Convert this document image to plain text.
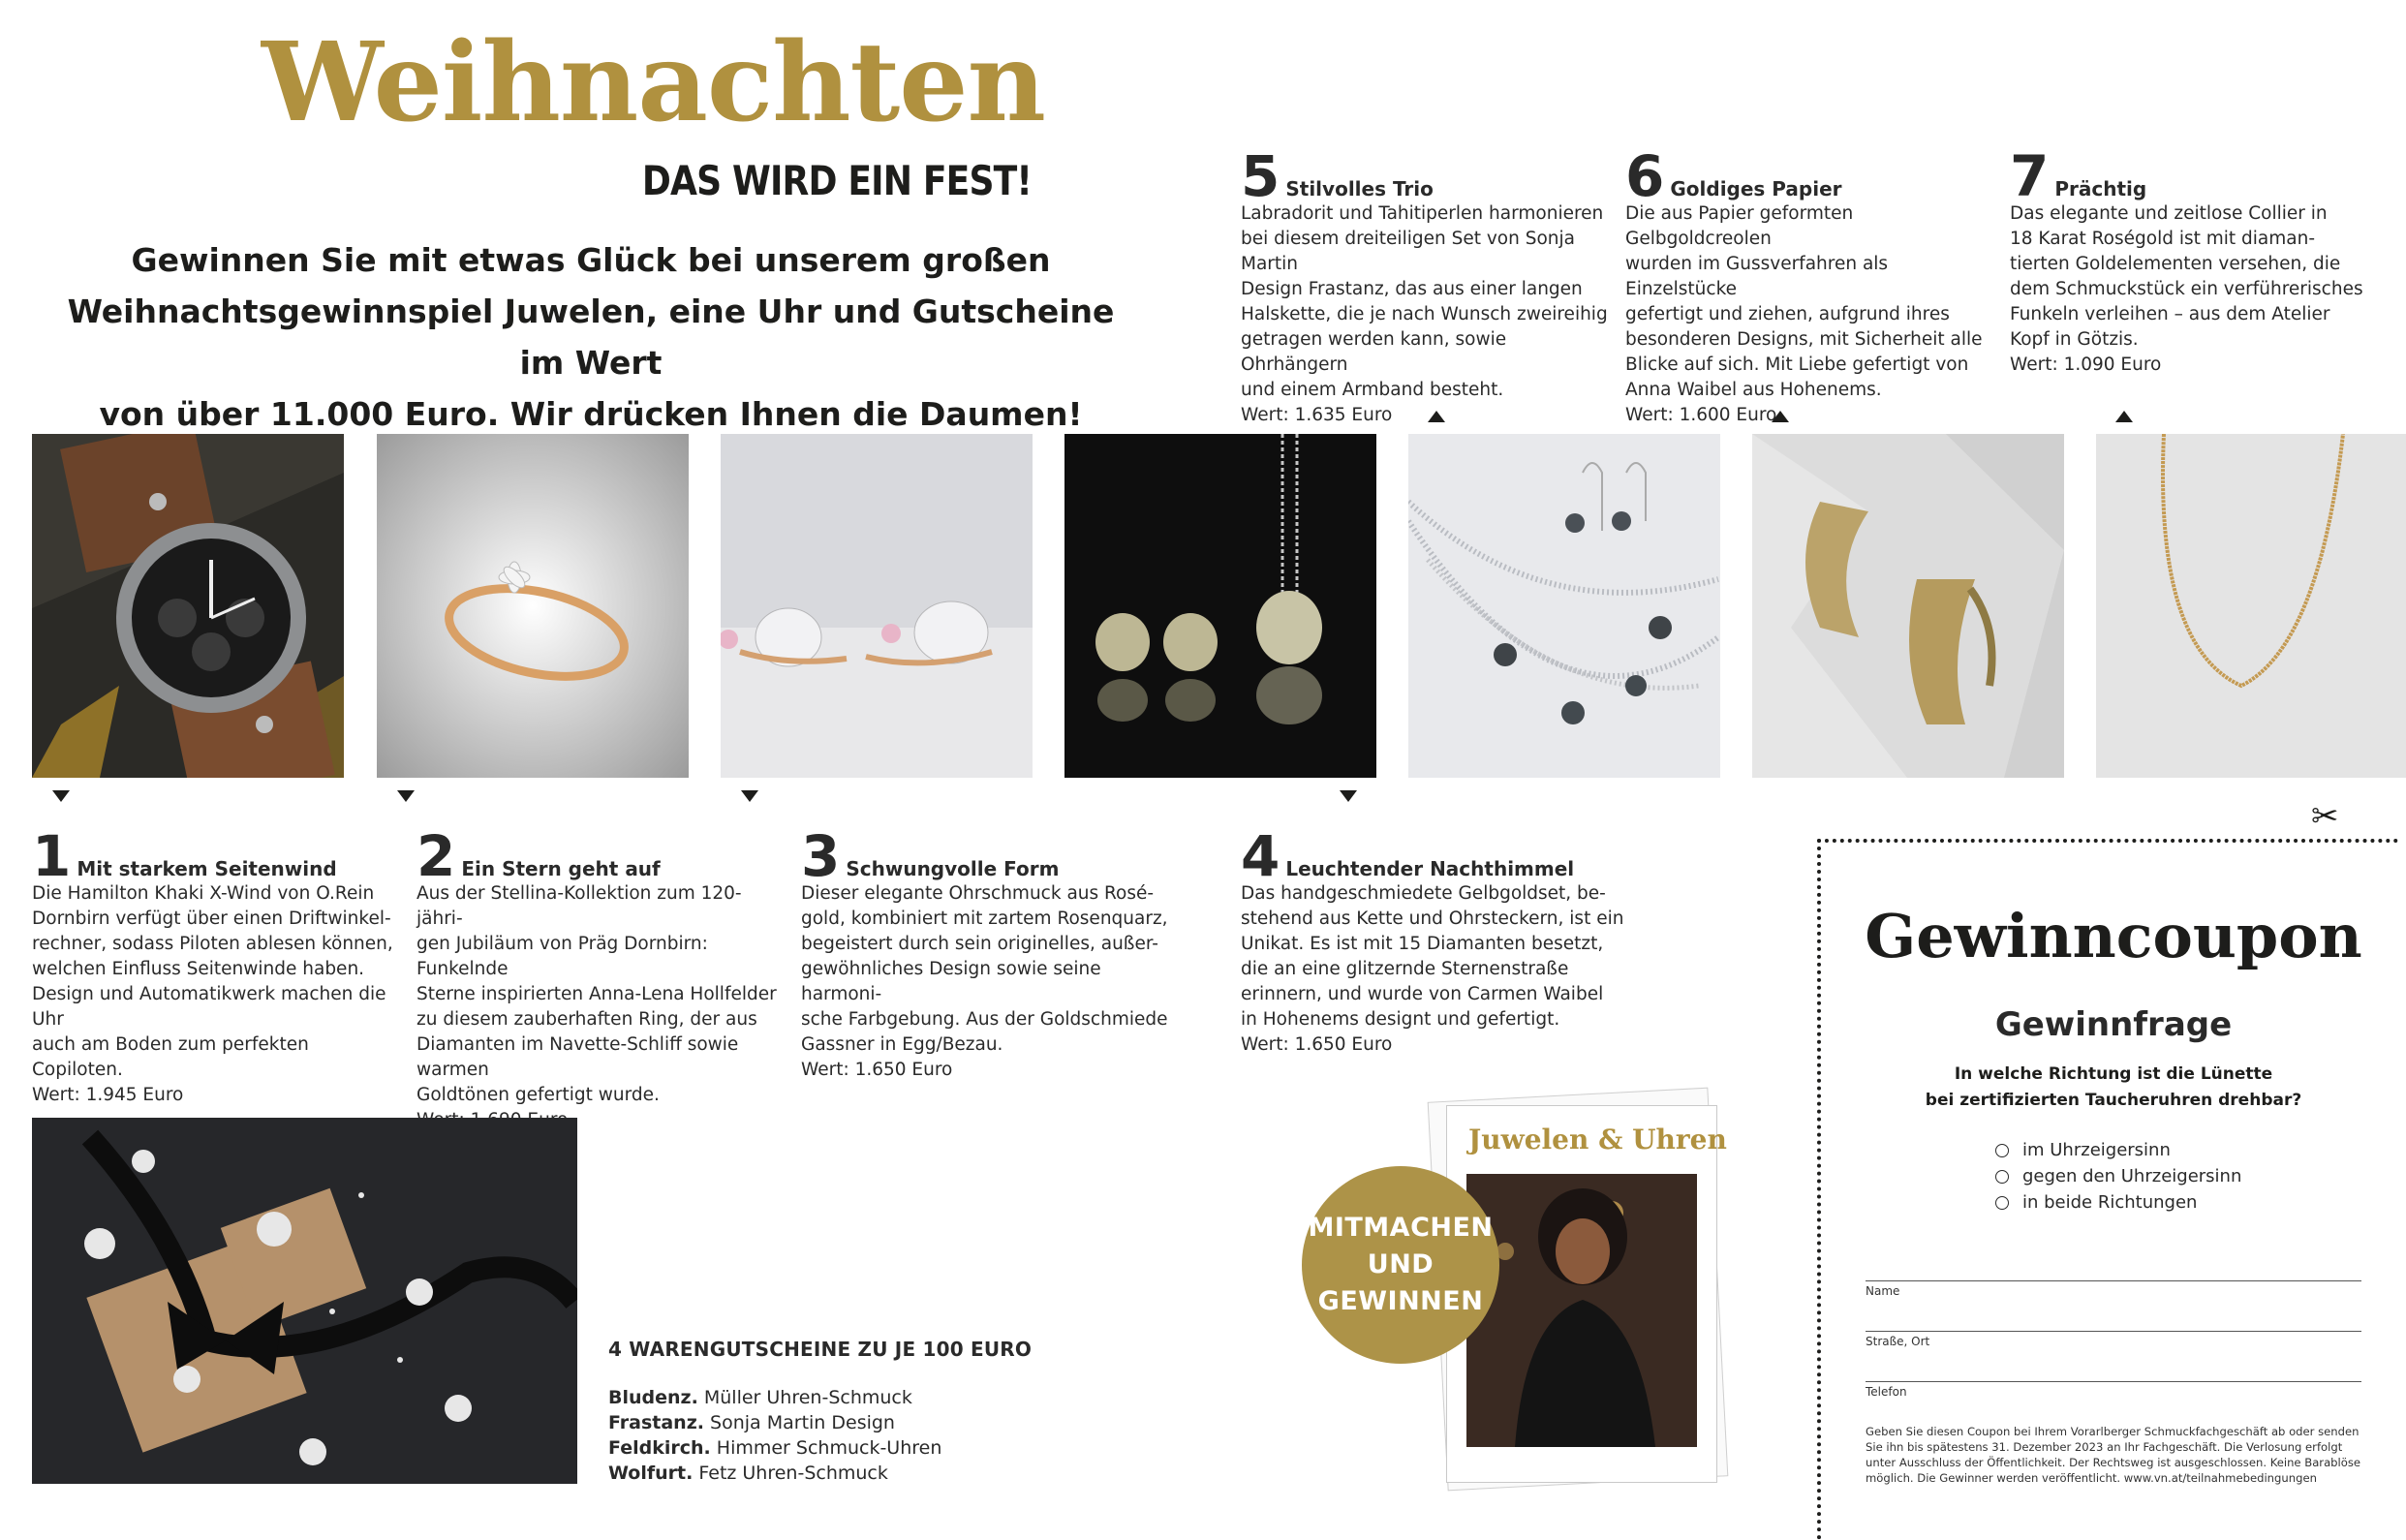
Weihnachten
DAS WIRD EIN FEST!
Gewinnen Sie mit etwas Glück bei unserem großen
Weihnachtsgewinnspiel Juwelen, eine Uhr und Gutscheine im Wert
von über 11.000 Euro. Wir drücken Ihnen die Daumen!
5 Stilvolles Trio
Labradorit und Tahitiperlen harmonieren
bei diesem dreiteiligen Set von Sonja Martin
Design Frastanz, das aus einer langen
Halskette, die je nach Wunsch zweireihig
getragen werden kann, sowie Ohrhängern
und einem Armband besteht.
Wert: 1.635 Euro
6 Goldiges Papier
Die aus Papier geformten Gelbgoldcreolen
wurden im Gussverfahren als Einzelstücke
gefertigt und ziehen, aufgrund ihres
besonderen Designs, mit Sicherheit alle
Blicke auf sich. Mit Liebe gefertigt von
Anna Waibel aus Hohenems.
Wert: 1.600 Euro
7 Prächtig
Das elegante und zeitlose Collier in
18 Karat Roségold ist mit diaman-
tierten Goldelementen versehen, die
dem Schmuckstück ein verführerisches
Funkeln verleihen – aus dem Atelier
Kopf in Götzis.
Wert: 1.090 Euro
1 Mit starkem Seitenwind
Die Hamilton Khaki X-Wind von O.Rein
Dornbirn verfügt über einen Driftwinkel-
rechner, sodass Piloten ablesen können,
welchen Einfluss Seitenwinde haben.
Design und Automatikwerk machen die Uhr
auch am Boden zum perfekten Copiloten.
Wert: 1.945 Euro
2 Ein Stern geht auf
Aus der Stellina-Kollektion zum 120-jähri-
gen Jubiläum von Präg Dornbirn: Funkelnde
Sterne inspirierten Anna-Lena Hollfelder
zu diesem zauberhaften Ring, der aus
Diamanten im Navette-Schliff sowie warmen
Goldtönen gefertigt wurde.
3 Schwungvolle Form
Dieser elegante Ohrschmuck aus Rosé-
gold, kombiniert mit zartem Rosenquarz,
begeistert durch sein originelles, außer-
gewöhnliches Design sowie seine harmoni-
sche Farbgebung. Aus der Goldschmiede
Gassner in Egg/Bezau.
Wert: 1.650 Euro
4 Leuchtender Nachthimmel
Das handgeschmiedete Gelbgoldset, be-
stehend aus Kette und Ohrsteckern, ist ein
Unikat. Es ist mit 15 Diamanten besetzt,
die an eine glitzernde Sternenstraße
erinnern, und wurde von Carmen Waibel
in Hohenems designt und gefertigt.
Wert: 1.650 Euro
4 WARENGUTSCHEINE ZU JE 100 EURO
Bludenz. Müller Uhren-Schmuck
Frastanz. Sonja Martin Design
Feldkirch. Himmer Schmuck-Uhren
Wolfurt. Fetz Uhren-Schmuck
Juwelen & Uhren
MITMACHEN
UND
GEWINNEN
✂
Gewinncoupon
Gewinnfrage
In welche Richtung ist die Lünette
bei zertifizierten Taucheruhren drehbar?
im Uhrzeigersinn
gegen den Uhrzeigersinn
in beide Richtungen
Name
Straße, Ort
Telefon
Geben Sie diesen Coupon bei Ihrem Vorarlberger Schmuckfachgeschäft ab oder senden Sie ihn bis spätestens 31. Dezember 2023 an Ihr Fachgeschäft. Die Verlosung erfolgt unter Ausschluss der Öffentlichkeit. Der Rechtsweg ist ausgeschlossen. Keine Barablöse möglich. Die Gewinner werden veröffentlicht. www.vn.at/teilnahmebedingungen
